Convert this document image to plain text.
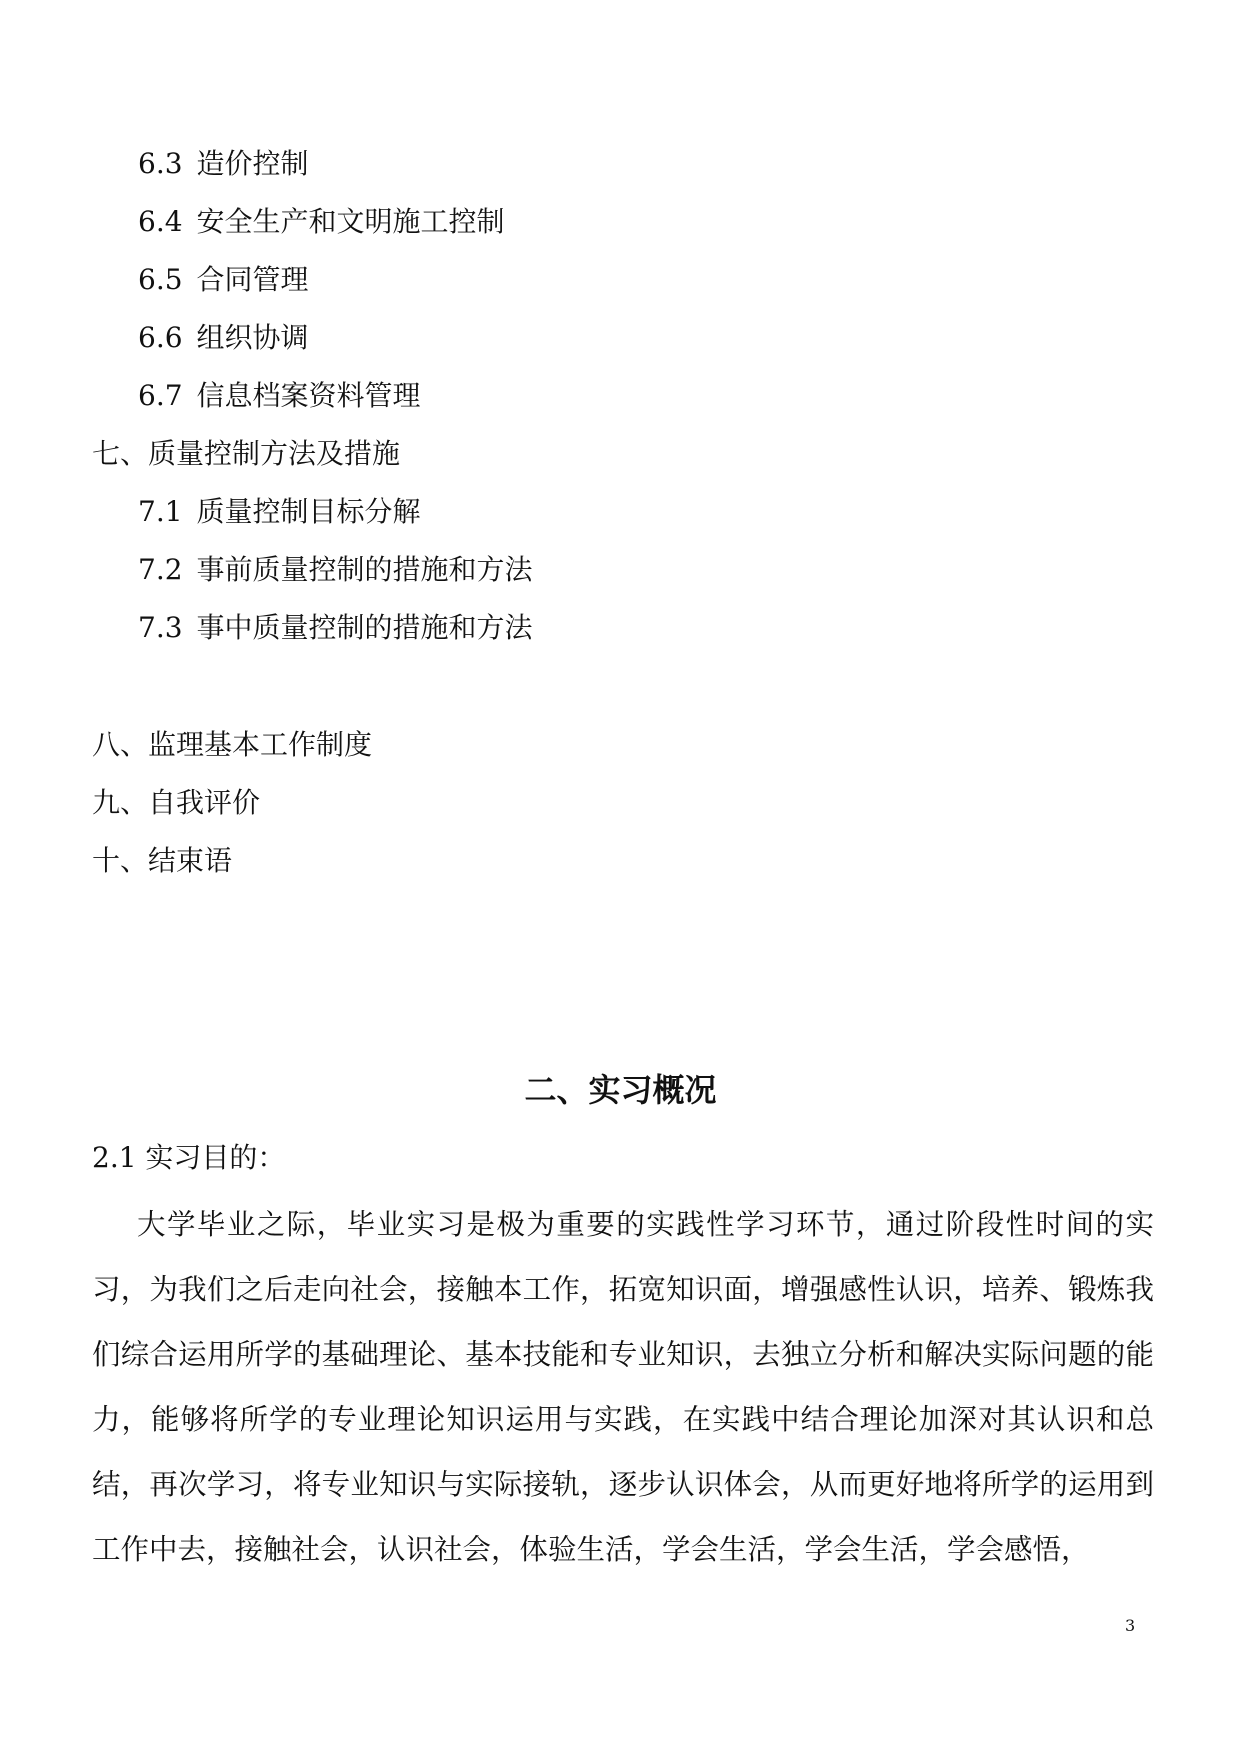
6.3 造价控制
6.4 安全生产和文明施工控制
6.5 合同管理
6.6 组织协调
6.7 信息档案资料管理
七、质量控制方法及措施
7.1 质量控制目标分解
7.2 事前质量控制的措施和方法
7.3 事中质量控制的措施和方法
八、监理基本工作制度
九、自我评价
十、结束语
二、实习概况
2.1 实习目的：
大学毕业之际，毕业实习是极为重要的实践性学习环节，通过阶段性时间的实习，为我们之后走向社会，接触本工作，拓宽知识面，增强感性认识，培养、锻炼我们综合运用所学的基础理论、基本技能和专业知识，去独立分析和解决实际问题的能力，能够将所学的专业理论知识运用与实践，在实践中结合理论加深对其认识和总结，再次学习，将专业知识与实际接轨，逐步认识体会，从而更好地将所学的运用到工作中去，接触社会，认识社会，体验生活，学会生活，学会生活，学会感悟，
3
